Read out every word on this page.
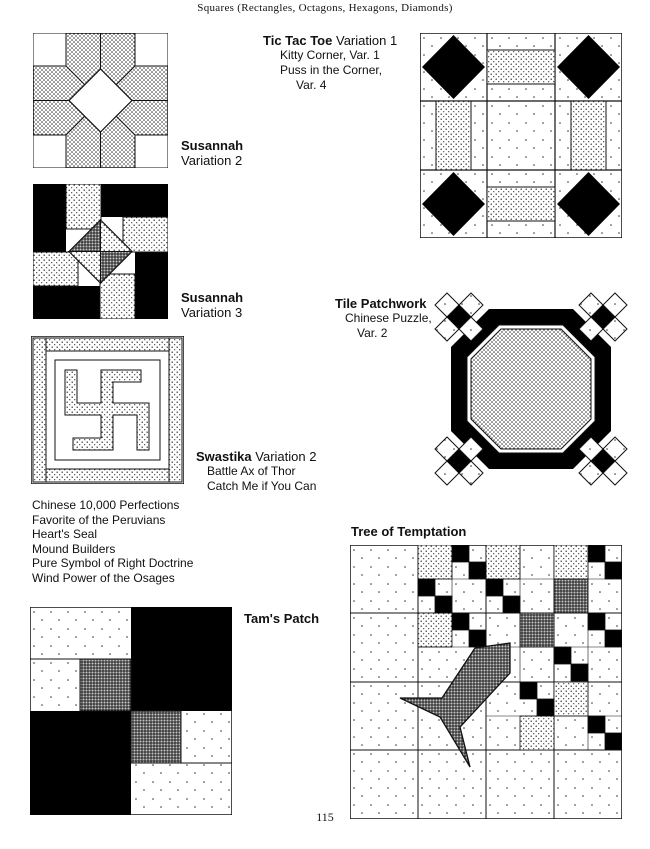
Squares (Rectangles, Octagons, Hexagons, Diamonds)
Susannah
Variation 2
Susannah
Variation 3
Swastika Variation 2
Battle Ax of Thor
Catch Me if You Can
Chinese 10,000 Perfections
Favorite of the Peruvians
Heart's Seal
Mound Builders
Pure Symbol of Right Doctrine
Wind Power of the Osages
Tam's Patch
Tic Tac Toe Variation 1
Kitty Corner, Var. 1
Puss in the Corner,
Var. 4
Tile Patchwork
Chinese Puzzle,
Var. 2
Tree of Temptation
115
